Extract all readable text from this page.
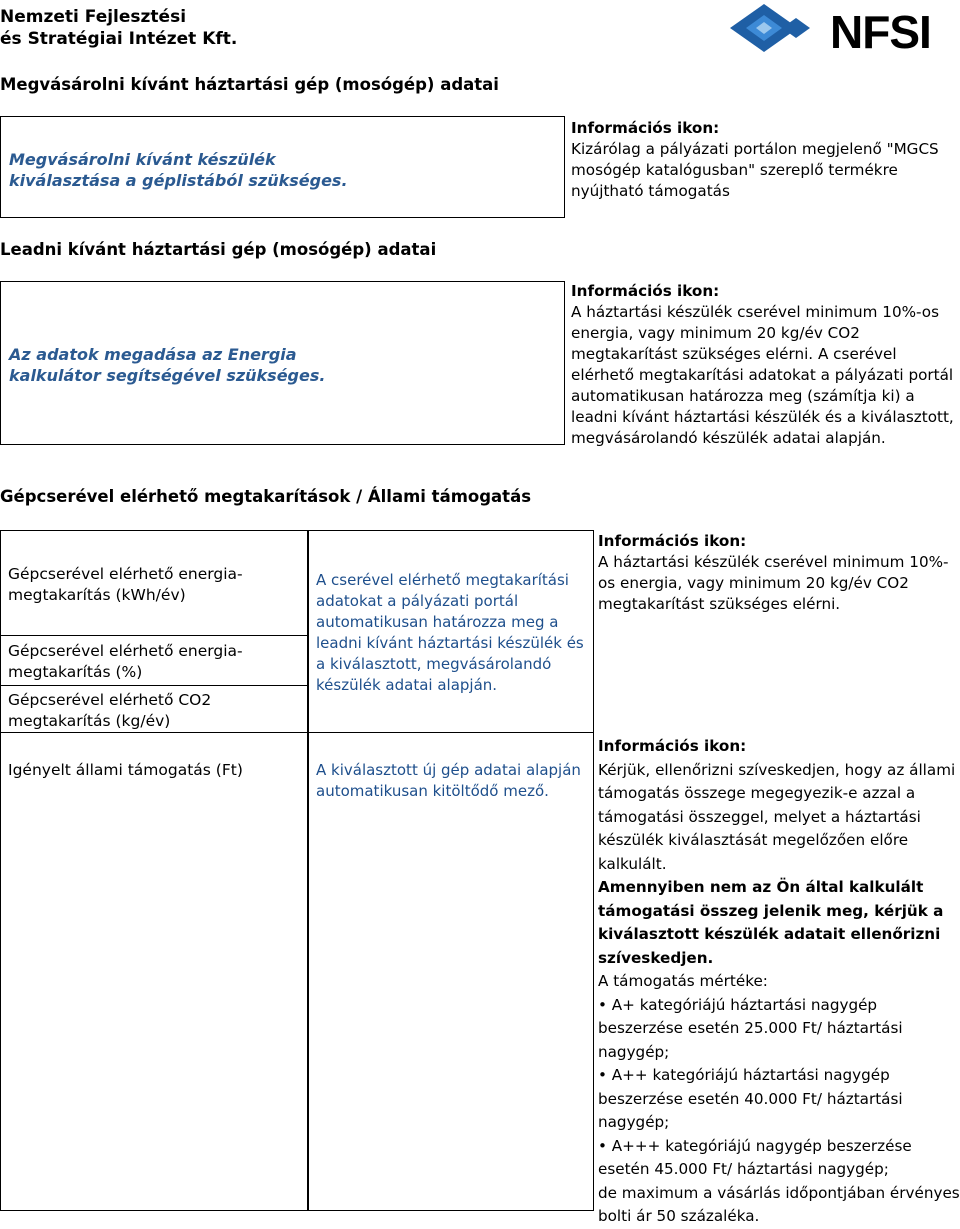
Nemzeti Fejlesztési
és Stratégiai Intézet Kft.	NFSI
Megvásárolni kívánt háztartási gép (mosógép) adatai
Megvásárolni kívánt készülék kiválasztása a géplistából szükséges.
Információs ikon:
Kizárólag a pályázati portálon megjelenő "MGCS mosógép katalógusban" szereplő termékre nyújtható támogatás
Leadni kívánt háztartási gép (mosógép) adatai
Az adatok megadása az Energia kalkulátor segítségével szükséges.
Információs ikon:
A háztartási készülék cserével minimum 10%-os energia, vagy minimum 20 kg/év CO2 megtakarítást szükséges elérni. A cserével elérhető megtakarítási adatokat a pályázati portál automatikusan határozza meg (számítja ki) a leadni kívánt háztartási készülék és a kiválasztott, megvásárolandó készülék adatai alapján.
Gépcserével elérhető megtakarítások / Állami támogatás
Gépcserével elérhető energia-megtakarítás (kWh/év)
Gépcserével elérhető energia-megtakarítás (%)
Gépcserével elérhető CO2 megtakarítás (kg/év)
Igényelt állami támogatás (Ft)
A cserével elérhető megtakarítási adatokat a pályázati portál automatikusan határozza meg a leadni kívánt háztartási készülék és a kiválasztott, megvásárolandó készülék adatai alapján.
A kiválasztott új gép adatai alapján automatikusan kitöltődő mező.
Információs ikon:
A háztartási készülék cserével minimum 10%-os energia, vagy minimum 20 kg/év CO2 megtakarítást szükséges elérni.
Információs ikon:
Kérjük, ellenőrizni szíveskedjen, hogy az állami támogatás összege megegyezik-e azzal a támogatási összeggel, melyet a háztartási készülék kiválasztását megelőzően előre kalkulált.
Amennyiben nem az Ön által kalkulált támogatási összeg jelenik meg, kérjük a kiválasztott készülék adatait ellenőrizni szíveskedjen.
A támogatás mértéke:
• A+ kategóriájú háztartási nagygép beszerzése esetén 25.000 Ft/ háztartási nagygép;
• A++ kategóriájú háztartási nagygép beszerzése esetén 40.000 Ft/ háztartási nagygép;
• A+++ kategóriájú nagygép beszerzése esetén 45.000 Ft/ háztartási nagygép;
de maximum a vásárlás időpontjában érvényes bolti ár 50 százaléka.
